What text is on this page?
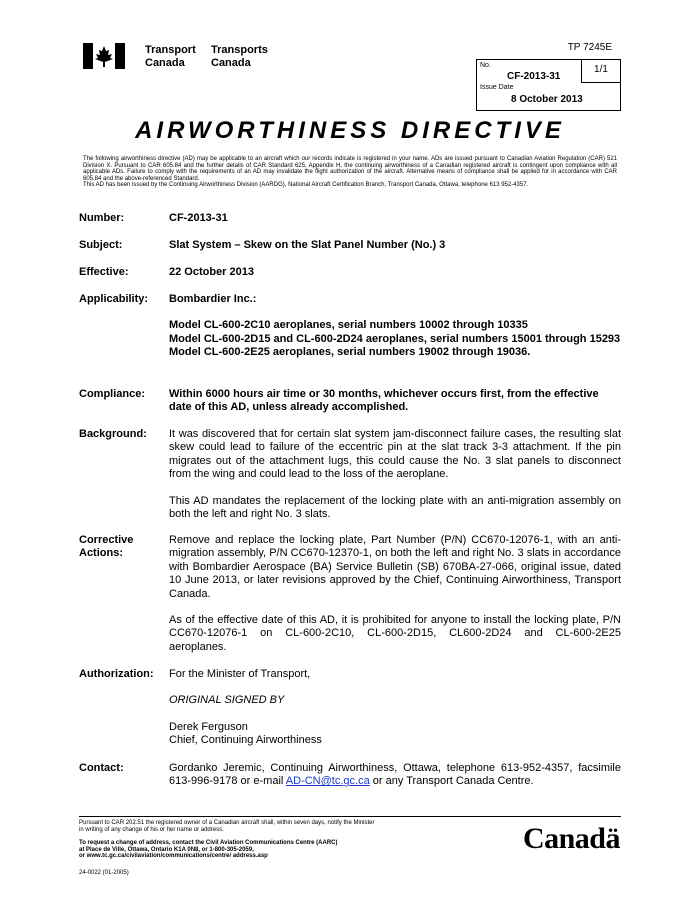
Transport
Canada
Transports
Canada
TP 7245E
No.
CF-2013-31
1/1
Issue Date
8 October 2013
AIRWORTHINESS DIRECTIVE

The following airworthiness directive (AD) may be applicable to an aircraft which our records indicate is registered in your name. ADs are issued pursuant to Canadian Aviation Regulation (CAR) 521 Division X. Pursuant to CAR 605.84 and the further details of CAR Standard 625, Appendix H, the continuing airworthiness of a Canadian registered aircraft is contingent upon compliance with all applicable ADs. Failure to comply with the requirements of an AD may invalidate the flight authorization of the aircraft. Alternative means of compliance shall be applied for in accordance with CAR 605.84 and the above-referenced Standard.

This AD has been issued by the Continuing Airworthiness Division (AARDG), National Aircraft Certification Branch, Transport Canada, Ottawa, telephone 613 952-4357.

Number:	CF-2013-31
Subject:	Slat System – Skew on the Slat Panel Number (No.) 3
Effective:	22 October 2013
Applicability:	Bombardier Inc.:
Model CL-600-2C10 aeroplanes, serial numbers 10002 through 10335
Model CL-600-2D15 and CL-600-2D24 aeroplanes, serial numbers 15001 through 15293
Model CL-600-2E25 aeroplanes, serial numbers 19002 through 19036.
Compliance:	Within 6000 hours air time or 30 months, whichever occurs first, from the effective date of this AD, unless already accomplished.
Background:	It was discovered that for certain slat system jam-disconnect failure cases, the resulting slat skew could lead to failure of the eccentric pin at the slat track 3-3 attachment. If the pin migrates out of the attachment lugs, this could cause the No. 3 slat panels to disconnect from the wing and could lead to the loss of the aeroplane.

This AD mandates the replacement of the locking plate with an anti-migration assembly on both the left and right No. 3 slats.

Corrective
Actions:

Remove and replace the locking plate, Part Number (P/N) CC670-12076-1, with an anti-migration assembly, P/N CC670-12370-1, on both the left and right No. 3 slats in accordance with Bombardier Aerospace (BA) Service Bulletin (SB) 670BA-27-066, original issue, dated 10 June 2013, or later revisions approved by the Chief, Continuing Airworthiness, Transport Canada.

As of the effective date of this AD, it is prohibited for anyone to install the locking plate, P/N CC670-12076-1 on CL-600-2C10, CL-600-2D15, CL600-2D24 and CL-600-2E25 aeroplanes.

Authorization:	For the Minister of Transport,

ORIGINAL SIGNED BY

Derek Ferguson
Chief, Continuing Airworthiness
Contact:	Gordanko Jeremic, Continuing Airworthiness, Ottawa, telephone 613-952-4357, facsimile 613-996-9178 or e-mail AD-CN@tc.gc.ca or any Transport Canada Centre.
Pursuant to CAR 202.51 the registered owner of a Canadian aircraft shall, within seven days, notify the Minister
in writing of any change of his or her name or address.
To request a change of address, contact the Civil Aviation Communications Centre (AARC)
at Place de Ville, Ottawa, Ontario K1A 0N8, or 1-800-305-2059,
or www.tc.gc.ca/civilaviation/communications/centre/ address.asp
24-0022 (01-2005)
Canadä
